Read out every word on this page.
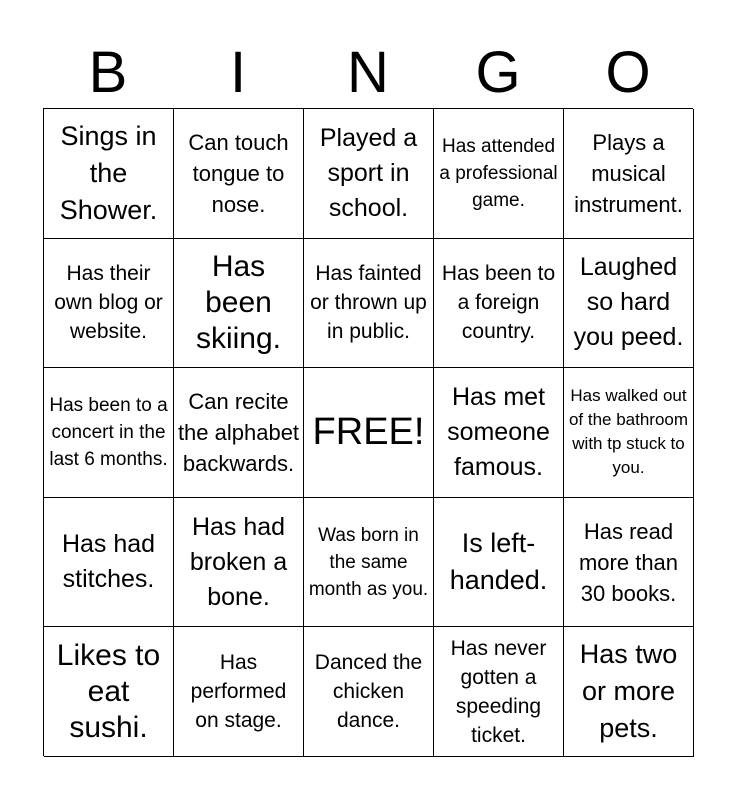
B	I	N	G	O
Sings in the Shower.
Can touch tongue to nose.
Played a sport in school.
Has attended a professional game.
Plays a musical instrument.
Has their own blog or website.
Has been skiing.
Has fainted or thrown up in public.
Has been to a foreign country.
Laughed so hard you peed.
Has been to a concert in the last 6 months.
Can recite the alphabet backwards.
FREE!
Has met someone famous.
Has walked out of the bathroom with tp stuck to you.
Has had stitches.
Has had broken a bone.
Was born in the same month as you.
Is left-handed.
Has read more than 30 books.
Likes to eat sushi.
Has performed on stage.
Danced the chicken dance.
Has never gotten a speeding ticket.
Has two or more pets.
